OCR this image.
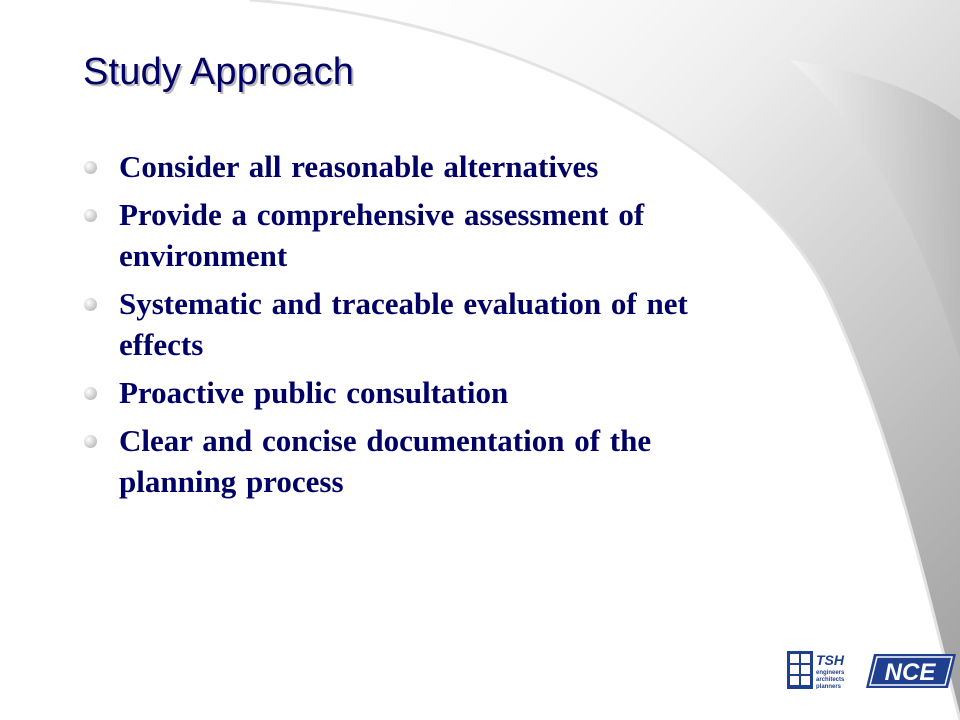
Study Approach
Consider all reasonable alternatives
Provide a comprehensive assessment of
environment
Systematic and traceable evaluation of net
effects
Proactive public consultation
Clear and concise documentation of the
planning process
TSH
engineers
architects
planners
NCE
